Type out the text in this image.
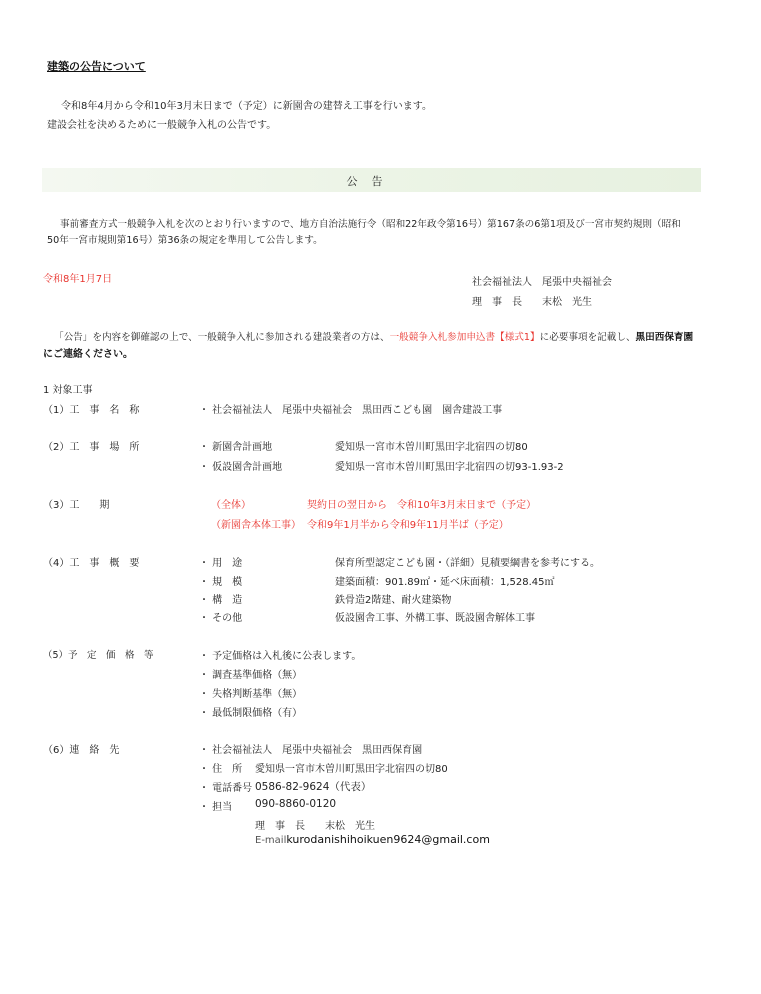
建築の公告について
令和8年4月から令和10年3月末日まで（予定）に新園舎の建替え工事を行います。
建設会社を決めるために一般競争入札の公告です。
公告
事前審査方式一般競争入札を次のとおり行いますので、地方自治法施行令（昭和22年政令第16号）第167条の6第1項及び一宮市契約規則（昭和
50年一宮市規則第16号）第36条の規定を準用して公告します。
令和8年1月7日	社会福祉法人　尾張中央福祉会
理　事　長　　末松　光生
「公告」を内容を御確認の上で、一般競争入札に参加される建設業者の方は、一般競争入札参加申込書【様式1】に必要事項を記載し、黒田西保育園
にご連絡ください。
1 対象工事
（1）工　事　名　称	・ 社会福祉法人　尾張中央福祉会　黒田西こども園　園舎建設工事
（2）工　事　場　所	・ 新園舎計画地	愛知県一宮市木曽川町黒田字北宿四の切80
・ 仮設園舎計画地	愛知県一宮市木曽川町黒田字北宿四の切93-1.93-2
（3）工　　期	（全体）	契約日の翌日から　令和10年3月末日まで（予定）
（新園舎本体工事） 令和9年1月半から令和9年11月半ば（予定）
（4）工　事　概　要	・ 用　途	保育所型認定こども園・（詳細）見積要綱書を参考にする。
・ 規　模	建築面積：901.89㎡・延べ床面積：1,528.45㎡
・ 構　造	鉄骨造2階建、耐火建築物
・ その他	仮設園舎工事、外構工事、既設園舎解体工事
（5）予　定　価　格　等	・ 予定価格は入札後に公表します。
・ 調査基準価格（無）
・ 失格判断基準（無）
・ 最低制限価格（有）
（6）連　絡　先	・ 社会福祉法人　尾張中央福祉会　黒田西保育園
・ 住　所 愛知県一宮市木曽川町黒田字北宿四の切80
・ 電話番号 0586-82-9624（代表）
・ 担当 090-8860-0120
理　事　長　　末松　光生
E-mailkurodanishihoikuen9624@gmail.com
